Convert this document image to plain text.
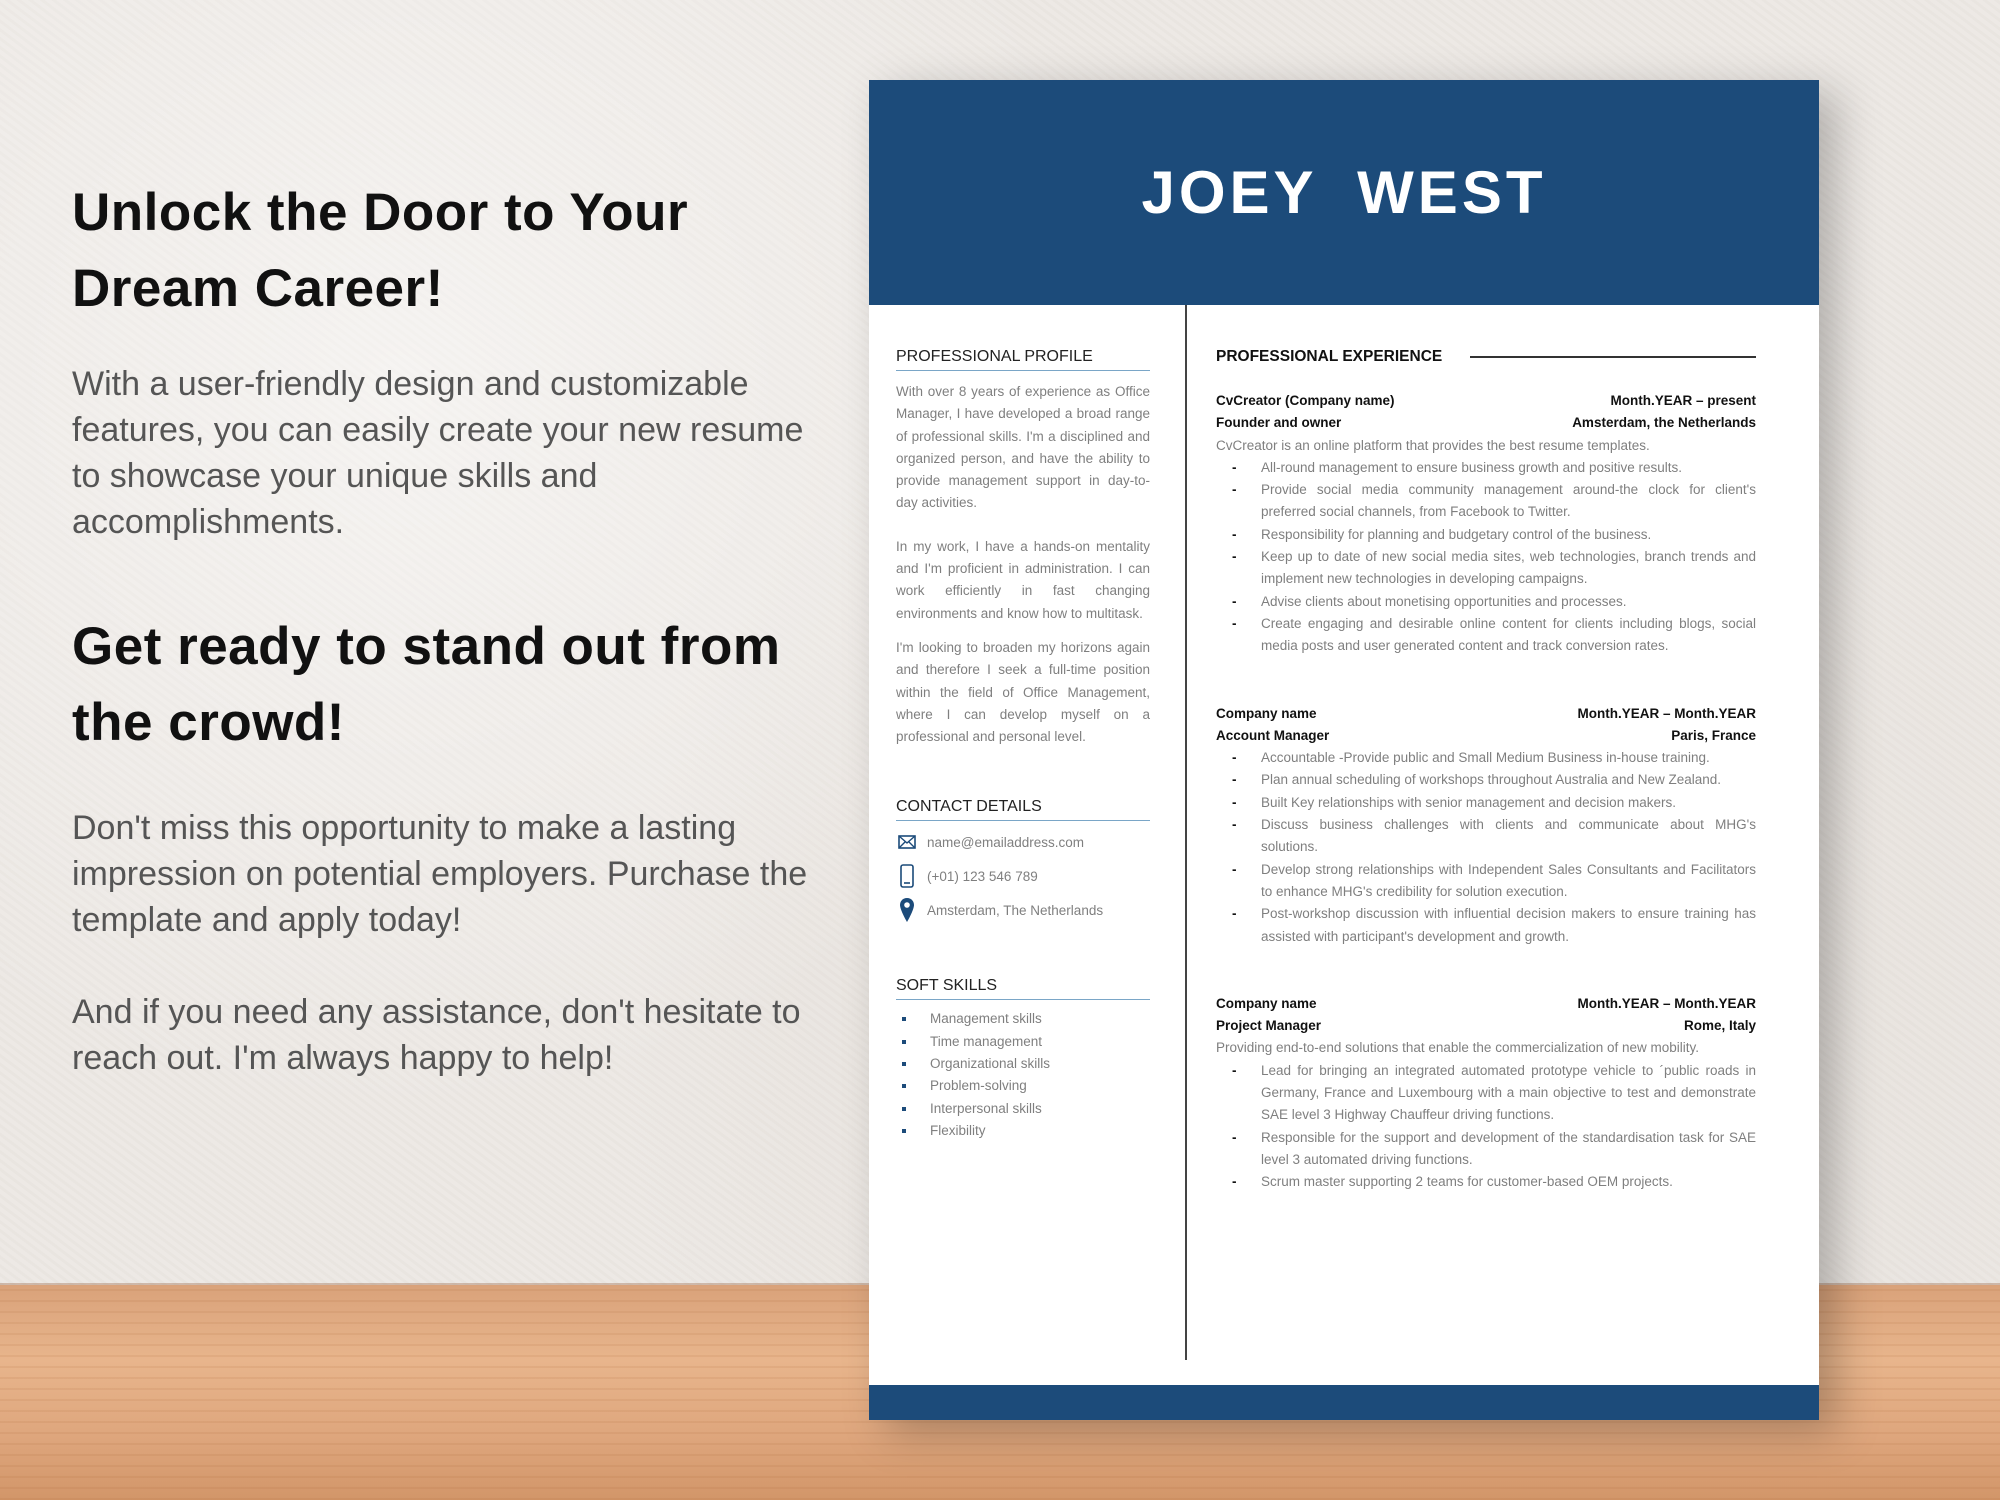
Unlock the Door to Your Dream Career!

With a user-friendly design and customizable features, you can easily create your new resume to showcase your unique skills and accomplishments.

Get ready to stand out from the crowd!

Don't miss this opportunity to make a lasting impression on potential employers. Purchase the template and apply today!

And if you need any assistance, don't hesitate to reach out. I'm always happy to help!

JOEY WEST
PROFESSIONAL PROFILE

With over 8 years of experience as Office Manager, I have developed a broad range of professional skills. I'm a disciplined and organized person, and have the ability to provide management support in day-to-day activities.

In my work, I have a hands-on mentality and I'm proficient in administration. I can work efficiently in fast changing environments and know how to multitask.

I'm looking to broaden my horizons again and therefore I seek a full-time position within the field of Office Management, where I can develop myself on a professional and personal level.

CONTACT DETAILS
name@emailaddress.com
(+01) 123 546 789
Amsterdam, The Netherlands
SOFT SKILLS
Management skills
Time management
Organizational skills
Problem-solving
Interpersonal skills
Flexibility
PROFESSIONAL EXPERIENCE
CvCreator (Company name)	Month.YEAR – present
Founder and owner	Amsterdam, the Netherlands
CvCreator is an online platform that provides the best resume templates.
- All-round management to ensure business growth and positive results.
- Provide social media community management around-the clock for client's preferred social channels, from Facebook to Twitter.
- Responsibility for planning and budgetary control of the business.
- Keep up to date of new social media sites, web technologies, branch trends and implement new technologies in developing campaigns.
- Advise clients about monetising opportunities and processes.
- Create engaging and desirable online content for clients including blogs, social media posts and user generated content and track conversion rates.
Company name	Month.YEAR – Month.YEAR
Account Manager	Paris, France
- Accountable -Provide public and Small Medium Business in-house training.
- Plan annual scheduling of workshops throughout Australia and New Zealand.
- Built Key relationships with senior management and decision makers.
- Discuss business challenges with clients and communicate about MHG's solutions.
- Develop strong relationships with Independent Sales Consultants and Facilitators to enhance MHG's credibility for solution execution.
- Post-workshop discussion with influential decision makers to ensure training has assisted with participant's development and growth.
Company name	Month.YEAR – Month.YEAR
Project Manager	Rome, Italy
Providing end-to-end solutions that enable the commercialization of new mobility.
- Lead for bringing an integrated automated prototype vehicle to ´public roads in Germany, France and Luxembourg with a main objective to test and demonstrate SAE level 3 Highway Chauffeur driving functions.
- Responsible for the support and development of the standardisation task for SAE level 3 automated driving functions.
- Scrum master supporting 2 teams for customer-based OEM projects.
